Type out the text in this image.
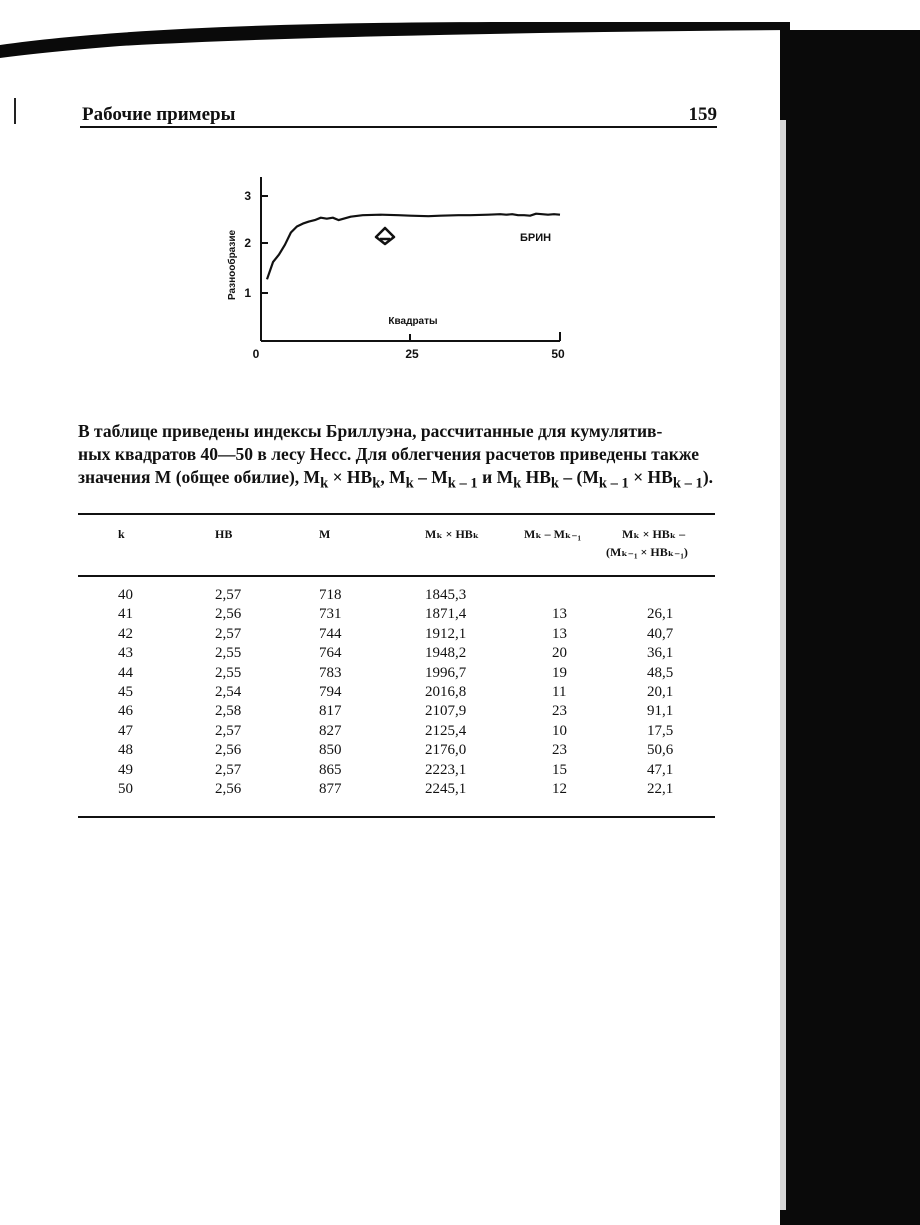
Рабочие примеры	159
3
2
1
0	25	50
Разнообразие
Квадраты
БРИН

В таблице приведены индексы Бриллуэна, рассчитанные для кумулятив-

ных квадратов 40—50 в лесу Несс. Для облегчения расчетов приведены также

значения М (общее обилие), $M_k \times HB_k$, $M_k - M_{k - 1}$ и $M_k$ $HB_k - (M_{k - 1} \times HB_{k - 1})$.

k	HB	M	Mₖ × HBₖ	Mₖ – Mₖ₋₁	Mₖ × HBₖ –
(Mₖ₋₁ × HBₖ₋₁)
40	2,57	718	1845,3
41	2,56	731	1871,4	13	26,1
42	2,57	744	1912,1	13	40,7
43	2,55	764	1948,2	20	36,1
44	2,55	783	1996,7	19	48,5
45	2,54	794	2016,8	11	20,1
46	2,58	817	2107,9	23	91,1
47	2,57	827	2125,4	10	17,5
48	2,56	850	2176,0	23	50,6
49	2,57	865	2223,1	15	47,1
50	2,56	877	2245,1	12	22,1
